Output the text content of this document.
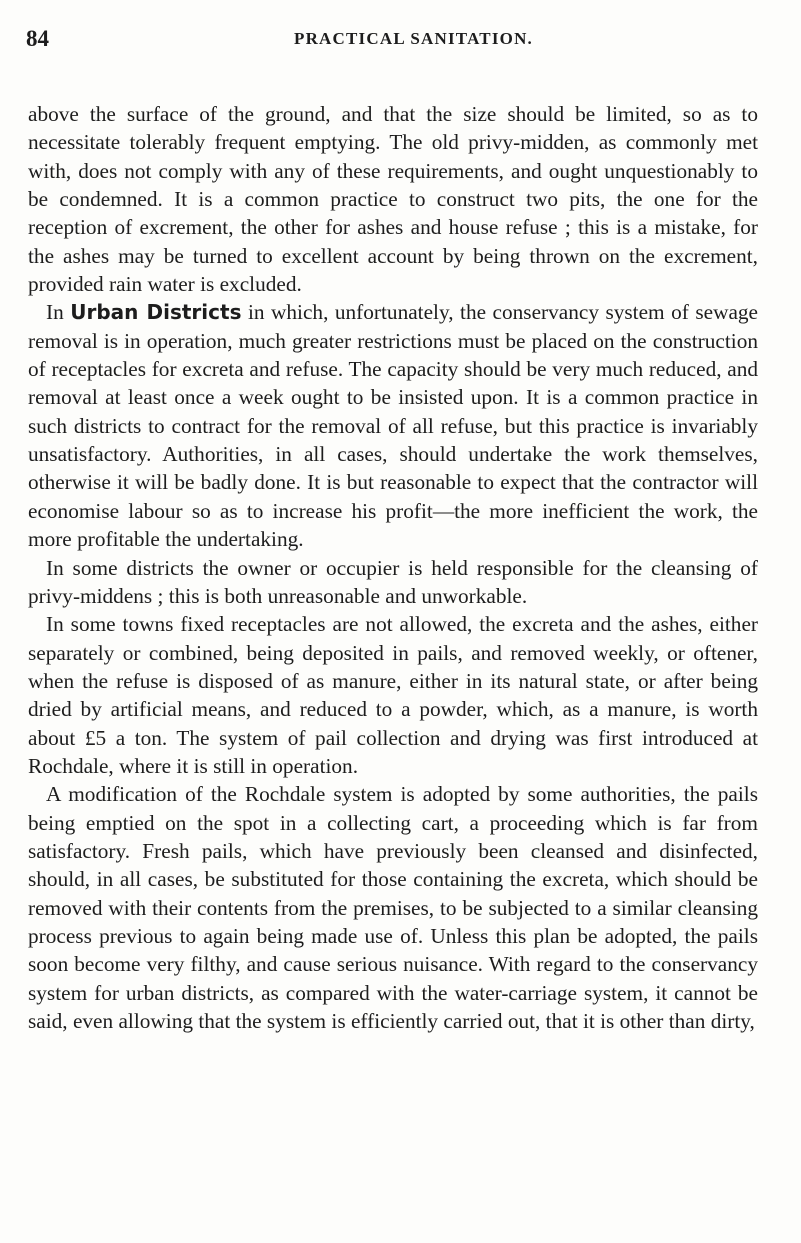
84	PRACTICAL SANITATION.

above the surface of the ground, and that the size should be limited, so as to necessitate tolerably frequent emptying. The old privy-midden, as commonly met with, does not comply with any of these requirements, and ought unquestionably to be condemned. It is a common practice to construct two pits, the one for the reception of excrement, the other for ashes and house refuse ; this is a mistake, for the ashes may be turned to excellent account by being thrown on the excrement, provided rain water is excluded.

In Urban Districts in which, unfortunately, the conservancy system of sewage removal is in operation, much greater restrictions must be placed on the construction of receptacles for excreta and refuse. The capacity should be very much reduced, and removal at least once a week ought to be insisted upon. It is a common practice in such districts to contract for the removal of all refuse, but this practice is invariably unsatisfactory. Authorities, in all cases, should undertake the work themselves, otherwise it will be badly done. It is but reasonable to expect that the contractor will economise labour so as to increase his profit—the more inefficient the work, the more profitable the undertaking.

In some districts the owner or occupier is held responsible for the cleansing of privy-middens ; this is both unreasonable and unworkable.

In some towns fixed receptacles are not allowed, the excreta and the ashes, either separately or combined, being deposited in pails, and removed weekly, or oftener, when the refuse is disposed of as manure, either in its natural state, or after being dried by artificial means, and reduced to a powder, which, as a manure, is worth about £5 a ton. The system of pail collection and drying was first introduced at Rochdale, where it is still in operation.

A modification of the Rochdale system is adopted by some authorities, the pails being emptied on the spot in a collecting cart, a proceeding which is far from satisfactory. Fresh pails, which have previously been cleansed and disinfected, should, in all cases, be substituted for those containing the excreta, which should be removed with their contents from the premises, to be subjected to a similar cleansing process previous to again being made use of. Unless this plan be adopted, the pails soon become very filthy, and cause serious nuisance. With regard to the conservancy system for urban districts, as compared with the water-carriage system, it cannot be said, even allowing that the system is efficiently carried out, that it is other than dirty,
